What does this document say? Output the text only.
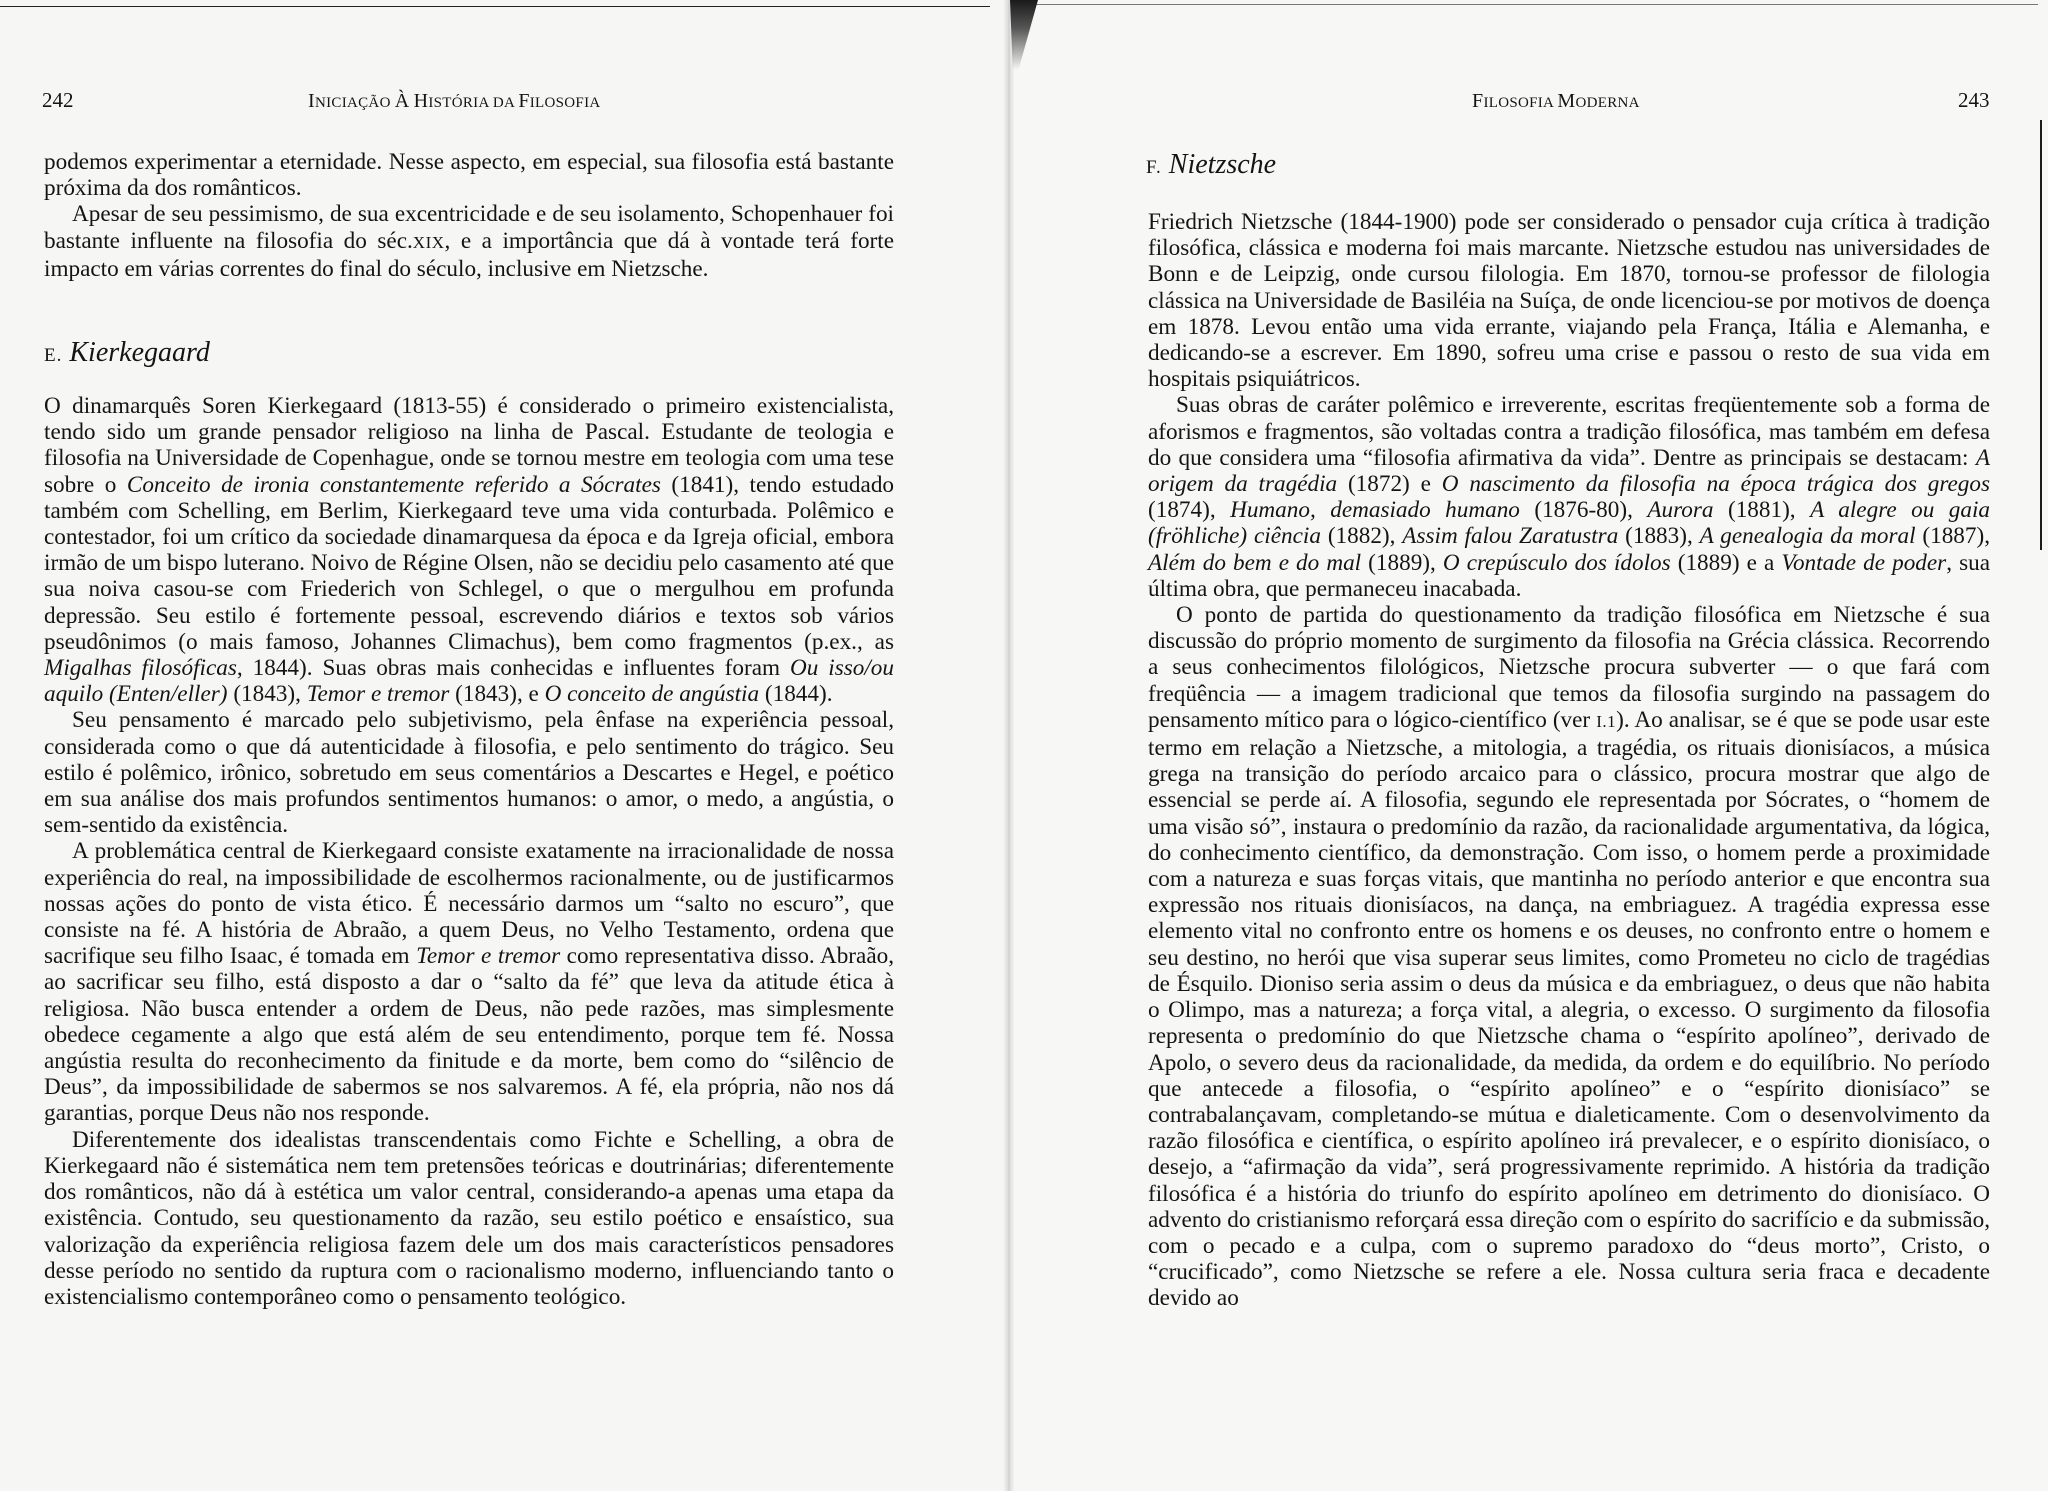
242	INICIAÇÃO À HISTÓRIA DA FILOSOFIA

podemos experimentar a eternidade. Nesse aspecto, em especial, sua filosofia está bastante próxima da dos românticos.

Apesar de seu pessimismo, de sua excentricidade e de seu isolamento, Schopenhauer foi bastante influente na filosofia do séc.XIX, e a importância que dá à vontade terá forte impacto em várias correntes do final do século, inclusive em Nietzsche.

E. Kierkegaard

O dinamarquês Soren Kierkegaard (1813-55) é considerado o primeiro existencialista, tendo sido um grande pensador religioso na linha de Pascal. Estudante de teologia e filosofia na Universidade de Copenhague, onde se tornou mestre em teologia com uma tese sobre o Conceito de ironia constantemente referido a Sócrates (1841), tendo estudado também com Schelling, em Berlim, Kierkegaard teve uma vida conturbada. Polêmico e contestador, foi um crítico da sociedade dinamarquesa da época e da Igreja oficial, embora irmão de um bispo luterano. Noivo de Régine Olsen, não se decidiu pelo casamento até que sua noiva casou-se com Friederich von Schlegel, o que o mergulhou em profunda depressão. Seu estilo é fortemente pessoal, escrevendo diários e textos sob vários pseudônimos (o mais famoso, Johannes Climachus), bem como fragmentos (p.ex., as Migalhas filosóficas, 1844). Suas obras mais conhecidas e influentes foram Ou isso/ou aquilo (Enten/eller) (1843), Temor e tremor (1843), e O conceito de angústia (1844).

Seu pensamento é marcado pelo subjetivismo, pela ênfase na experiência pessoal, considerada como o que dá autenticidade à filosofia, e pelo sentimento do trágico. Seu estilo é polêmico, irônico, sobretudo em seus comentários a Descartes e Hegel, e poético em sua análise dos mais profundos sentimentos humanos: o amor, o medo, a angústia, o sem-sentido da existência.

A problemática central de Kierkegaard consiste exatamente na irracionalidade de nossa experiência do real, na impossibilidade de escolhermos racionalmente, ou de justificarmos nossas ações do ponto de vista ético. É necessário darmos um “salto no escuro”, que consiste na fé. A história de Abraão, a quem Deus, no Velho Testamento, ordena que sacrifique seu filho Isaac, é tomada em Temor e tremor como representativa disso. Abraão, ao sacrificar seu filho, está disposto a dar o “salto da fé” que leva da atitude ética à religiosa. Não busca entender a ordem de Deus, não pede razões, mas simplesmente obedece cegamente a algo que está além de seu entendimento, porque tem fé. Nossa angústia resulta do reconhecimento da finitude e da morte, bem como do “silêncio de Deus”, da impossibilidade de sabermos se nos salvaremos. A fé, ela própria, não nos dá garantias, porque Deus não nos responde.

Diferentemente dos idealistas transcendentais como Fichte e Schelling, a obra de Kierkegaard não é sistemática nem tem pretensões teóricas e doutrinárias; diferentemente dos românticos, não dá à estética um valor central, considerando-a apenas uma etapa da existência. Contudo, seu questionamento da razão, seu estilo poético e ensaístico, sua valorização da experiência religiosa fazem dele um dos mais característicos pensadores desse período no sentido da ruptura com o racionalismo moderno, influenciando tanto o existencialismo contemporâneo como o pensamento teológico.

FILOSOFIA MODERNA	243
F. Nietzsche

Friedrich Nietzsche (1844-1900) pode ser considerado o pensador cuja crítica à tradição filosófica, clássica e moderna foi mais marcante. Nietzsche estudou nas universidades de Bonn e de Leipzig, onde cursou filologia. Em 1870, tornou-se professor de filologia clássica na Universidade de Basiléia na Suíça, de onde licenciou-se por motivos de doença em 1878. Levou então uma vida errante, viajando pela França, Itália e Alemanha, e dedicando-se a escrever. Em 1890, sofreu uma crise e passou o resto de sua vida em hospitais psiquiátricos.

Suas obras de caráter polêmico e irreverente, escritas freqüentemente sob a forma de aforismos e fragmentos, são voltadas contra a tradição filosófica, mas também em defesa do que considera uma “filosofia afirmativa da vida”. Dentre as principais se destacam: A origem da tragédia (1872) e O nascimento da filosofia na época trágica dos gregos (1874), Humano, demasiado humano (1876-80), Aurora (1881), A alegre ou gaia (fröhliche) ciência (1882), Assim falou Zaratustra (1883), A genealogia da moral (1887), Além do bem e do mal (1889), O crepúsculo dos ídolos (1889) e a Vontade de poder, sua última obra, que permaneceu inacabada.

O ponto de partida do questionamento da tradição filosófica em Nietzsche é sua discussão do próprio momento de surgimento da filosofia na Grécia clássica. Recorrendo a seus conhecimentos filológicos, Nietzsche procura subverter — o que fará com freqüência — a imagem tradicional que temos da filosofia surgindo na passagem do pensamento mítico para o lógico-científico (ver I.1). Ao analisar, se é que se pode usar este termo em relação a Nietzsche, a mitologia, a tragédia, os rituais dionisíacos, a música grega na transição do período arcaico para o clássico, procura mostrar que algo de essencial se perde aí. A filosofia, segundo ele representada por Sócrates, o “homem de uma visão só”, instaura o predomínio da razão, da racionalidade argumentativa, da lógica, do conhecimento científico, da demonstração. Com isso, o homem perde a proximidade com a natureza e suas forças vitais, que mantinha no período anterior e que encontra sua expressão nos rituais dionisíacos, na dança, na embriaguez. A tragédia expressa esse elemento vital no confronto entre os homens e os deuses, no confronto entre o homem e seu destino, no herói que visa superar seus limites, como Prometeu no ciclo de tragédias de Ésquilo. Dioniso seria assim o deus da música e da embriaguez, o deus que não habita o Olimpo, mas a natureza; a força vital, a alegria, o excesso. O surgimento da filosofia representa o predomínio do que Nietzsche chama o “espírito apolíneo”, derivado de Apolo, o severo deus da racionalidade, da medida, da ordem e do equilíbrio. No período que antecede a filosofia, o “espírito apolíneo” e o “espírito dionisíaco” se contrabalançavam, completando-se mútua e dialeticamente. Com o desenvolvimento da razão filosófica e científica, o espírito apolíneo irá prevalecer, e o espírito dionisíaco, o desejo, a “afirmação da vida”, será progressivamente reprimido. A história da tradição filosófica é a história do triunfo do espírito apolíneo em detrimento do dionisíaco. O advento do cristianismo reforçará essa direção com o espírito do sacrifício e da submissão, com o pecado e a culpa, com o supremo paradoxo do “deus morto”, Cristo, o “crucificado”, como Nietzsche se refere a ele. Nossa cultura seria fraca e decadente devido ao
